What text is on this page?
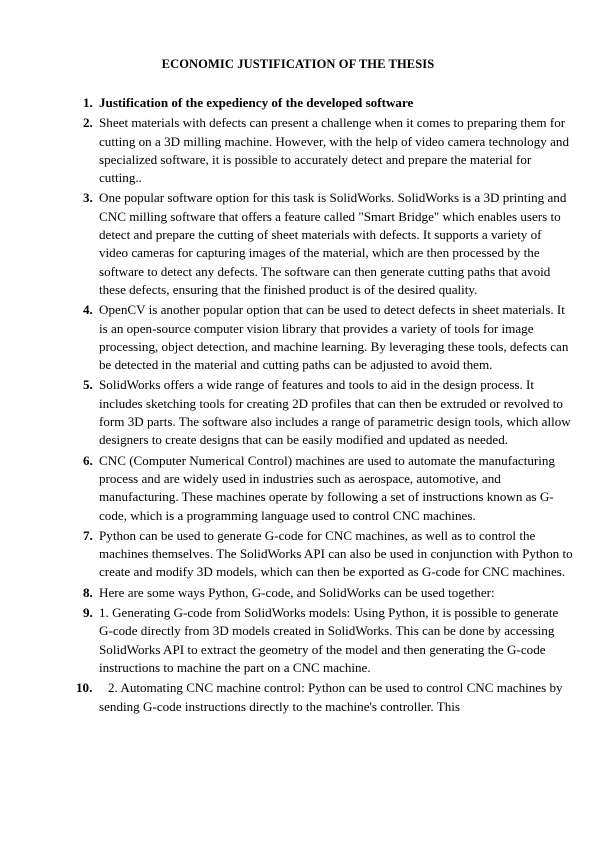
ECONOMIC JUSTIFICATION OF THE THESIS
1. Justification of the expediency of the developed software
2. Sheet materials with defects can present a challenge when it comes to preparing them for cutting on a 3D milling machine. However, with the help of video camera technology and specialized software, it is possible to accurately detect and prepare the material for cutting..
3. One popular software option for this task is SolidWorks. SolidWorks is a 3D printing and CNC milling software that offers a feature called "Smart Bridge" which enables users to detect and prepare the cutting of sheet materials with defects. It supports a variety of video cameras for capturing images of the material, which are then processed by the software to detect any defects. The software can then generate cutting paths that avoid these defects, ensuring that the finished product is of the desired quality.
4. OpenCV is another popular option that can be used to detect defects in sheet materials. It is an open-source computer vision library that provides a variety of tools for image processing, object detection, and machine learning. By leveraging these tools, defects can be detected in the material and cutting paths can be adjusted to avoid them.
5. SolidWorks offers a wide range of features and tools to aid in the design process. It includes sketching tools for creating 2D profiles that can then be extruded or revolved to form 3D parts. The software also includes a range of parametric design tools, which allow designers to create designs that can be easily modified and updated as needed.
6. CNC (Computer Numerical Control) machines are used to automate the manufacturing process and are widely used in industries such as aerospace, automotive, and manufacturing. These machines operate by following a set of instructions known as G-code, which is a programming language used to control CNC machines.
7. Python can be used to generate G-code for CNC machines, as well as to control the machines themselves. The SolidWorks API can also be used in conjunction with Python to create and modify 3D models, which can then be exported as G-code for CNC machines.
8. Here are some ways Python, G-code, and SolidWorks can be used together:
9. 1. Generating G-code from SolidWorks models: Using Python, it is possible to generate G-code directly from 3D models created in SolidWorks. This can be done by accessing SolidWorks API to extract the geometry of the model and then generating the G-code instructions to machine the part on a CNC machine.
10. 2. Automating CNC machine control: Python can be used to control CNC machines by sending G-code instructions directly to the machine's controller. This
